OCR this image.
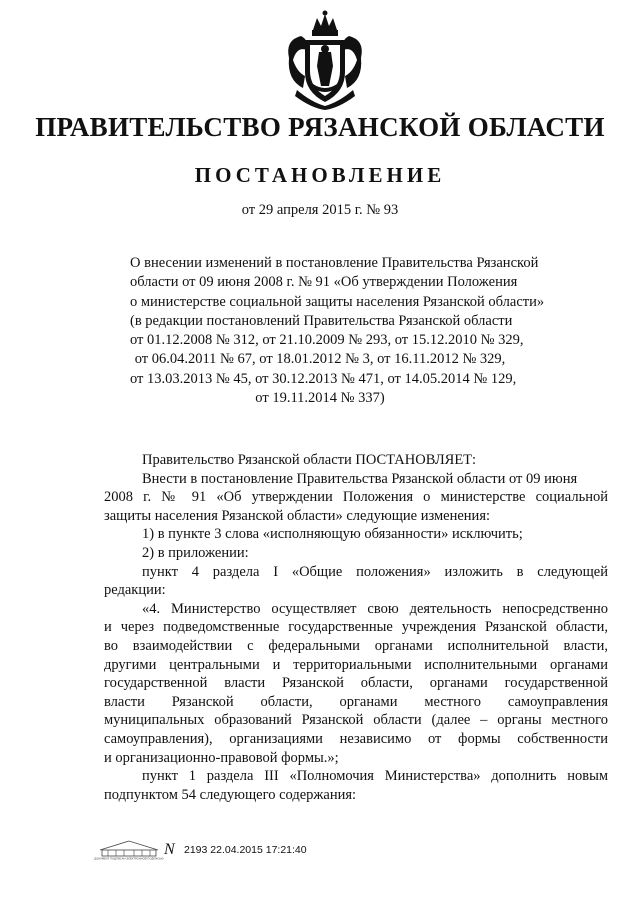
ПРАВИТЕЛЬСТВО РЯЗАНСКОЙ ОБЛАСТИ
ПОСТАНОВЛЕНИЕ
от 29 апреля 2015 г. № 93
О внесении изменений в постановление Правительства Рязанской
области от 09 июня 2008 г. № 91 «Об утверждении Положения
о министерстве социальной защиты населения Рязанской области»
(в редакции постановлений Правительства Рязанской области
от 01.12.2008 № 312, от 21.10.2009 № 293, от 15.12.2010 № 329,
от 06.04.2011 № 67, от 18.01.2012 № 3, от 16.11.2012 № 329,
от 13.03.2013 № 45, от 30.12.2013 № 471, от 14.05.2014 № 129,
от 19.11.2014 № 337)
Правительство Рязанской области ПОСТАНОВЛЯЕТ:
Внести в постановление Правительства Рязанской области от 09 июня
2008 г. № 91 «Об утверждении Положения о министерстве социальной
защиты населения Рязанской области» следующие изменения:
1) в пункте 3 слова «исполняющую обязанности» исключить;
2) в приложении:
пункт 4 раздела I «Общие положения» изложить в следующей
редакции:
«4. Министерство осуществляет свою деятельность непосредственно
и через подведомственные государственные учреждения Рязанской области,
во взаимодействии с федеральными органами исполнительной власти,
другими центральными и территориальными исполнительными органами
государственной власти Рязанской области, органами государственной
власти Рязанской области, органами местного самоуправления
муниципальных образований Рязанской области (далее – органы местного
самоуправления), организациями независимо от формы собственности
и организационно-правовой формы.»;
пункт 1 раздела III «Полномочия Министерства» дополнить новым
подпунктом 54 следующего содержания:
ДОКУМЕНТ ПОДПИСАН ЭЛЕКТРОННОЙ ПОДПИСЬЮ
N 2193 22.04.2015 17:21:40
